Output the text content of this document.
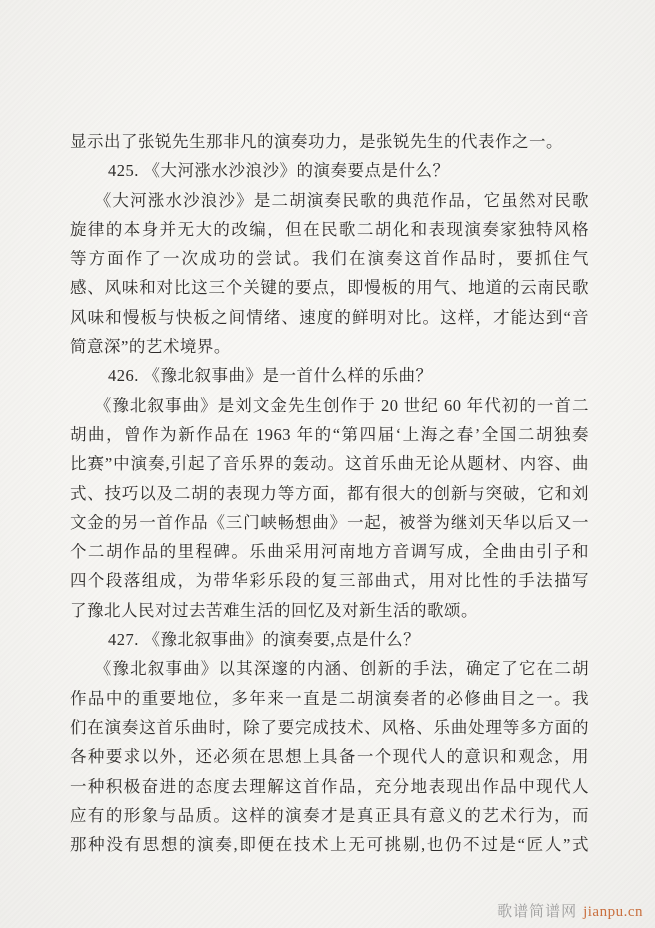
显示出了张锐先生那非凡的演奏功力，是张锐先生的代表作之一。
425. 《大河涨水沙浪沙》的演奏要点是什么？
《大河涨水沙浪沙》是二胡演奏民歌的典范作品，它虽然对民歌
旋律的本身并无大的改编，但在民歌二胡化和表现演奏家独特风格
等方面作了一次成功的尝试。我们在演奏这首作品时，要抓住气
感、风味和对比这三个关键的要点，即慢板的用气、地道的云南民歌
风味和慢板与快板之间情绪、速度的鲜明对比。这样，才能达到“音
简意深”的艺术境界。
426. 《豫北叙事曲》是一首什么样的乐曲？
《豫北叙事曲》是刘文金先生创作于 20 世纪 60 年代初的一首二
胡曲，曾作为新作品在 1963 年的“第四届‘上海之春’全国二胡独奏
比赛”中演奏,引起了音乐界的轰动。这首乐曲无论从题材、内容、曲
式、技巧以及二胡的表现力等方面，都有很大的创新与突破，它和刘
文金的另一首作品《三门峡畅想曲》一起，被誉为继刘天华以后又一
个二胡作品的里程碑。乐曲采用河南地方音调写成，全曲由引子和
四个段落组成，为带华彩乐段的复三部曲式，用对比性的手法描写
了豫北人民对过去苦难生活的回忆及对新生活的歌颂。
427. 《豫北叙事曲》的演奏要,点是什么？
《豫北叙事曲》以其深邃的内涵、创新的手法，确定了它在二胡
作品中的重要地位，多年来一直是二胡演奏者的必修曲目之一。我
们在演奏这首乐曲时，除了要完成技术、风格、乐曲处理等多方面的
各种要求以外，还必须在思想上具备一个现代人的意识和观念，用
一种积极奋进的态度去理解这首作品，充分地表现出作品中现代人
应有的形象与品质。这样的演奏才是真正具有意义的艺术行为，而
那种没有思想的演奏,即便在技术上无可挑剔,也仍不过是“匠人”式
歌谱简谱网 jianpu.cn
